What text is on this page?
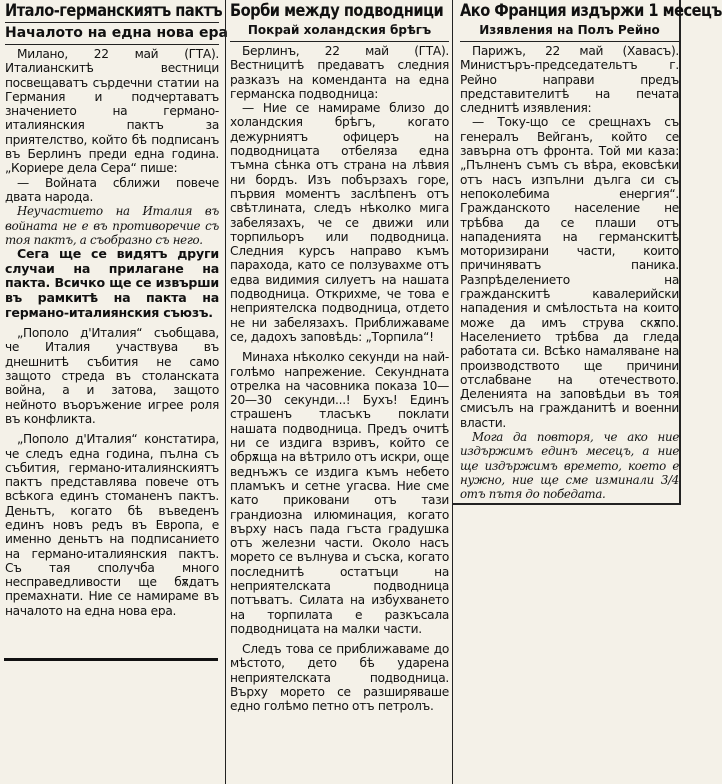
Итало-германскиятъ пактъ
Началото на една нова ера

Милано, 22 май (ГТА). Италианскитѣ вестници посвещаватъ сърдечни статии на Германия и подчертаватъ значението на германо-италиянския пактъ за приятелство, който бѣ подписанъ въ Берлинъ преди една година. „Кориере дела Сера“ пише:

— Войната сближи повече двата народа.

Неучастието на Италия въ войната не е въ противоречие съ тоя пактъ, а съобразно съ него.

Сега ще се видятъ други случаи на прилагане на пакта. Всичко ще се извърши въ рамкитѣ на пакта на германо-италиянския съюзъ.

„Пополо д'Италия“ съобщава, че Италия участвува въ днешнитѣ събития не само защото стреда въ столанската война, а и затова, защото нейното въоръжение игрее роля въ конфликта.

„Пополо д'Италия“ констатира, че следъ една година, пълна съ събития, германо-италиянскиятъ пактъ представлява повече отъ всѣкога единъ стоманенъ пактъ. Деньтъ, когато бѣ въведенъ единъ новъ редъ въ Европа, е именно деньтъ на подписанието на германо-италиянския пактъ. Съ тая сполучба много несправедливости ще бѫдатъ премахнати. Ние се намираме въ началото на една нова ера.

Борби между подводници
Покрай холандския брѣгъ

Берлинъ, 22 май (ГТА). Вестницитѣ предаватъ следния разказъ на коменданта на една германска подводница:

— Ние се намираме близо до холандския брѣгъ, когато дежурниятъ офицеръ на подводницата отбеляза една тъмна сѣнка отъ страна на лѣвия ни бордъ. Изъ побързахъ горе, първия моментъ заслѣпенъ отъ свѣтлината, следъ нѣколко мига забелязахъ, че се движи или торпильоръ или подводница. Следния курсъ направо къмъ парахода, като се ползувахме отъ едва видимия силуетъ на нашата подводница. Открихме, че това е неприятелска подводница, отдето не ни забелязахъ. Приближаваме се, дадохъ заповѣдь: „Торпила“!

Минаха нѣколко секунди на най-голѣмо напрежение. Секундната отрелка на часовника показа 10—20—30 секунди...! Бухъ! Единъ страшенъ тласъкъ поклати нашата подводница. Предъ очитѣ ни се издига взривъ, който се обрѫща на вѣтрило отъ искри, още веднъжъ се издига къмъ небето пламъкъ и сетне угасва. Ние сме като приковани отъ тази грандиозна илюминация, когато върху насъ пада гъста градушка отъ железни части. Около насъ морето се вълнува и съска, когато последнитѣ остатъци на неприятелската подводница потъватъ. Силата на избухването на торпилата е разкъсала подводницата на малки части.

Следъ това се приближаваме до мѣстото, дето бѣ ударена неприятелската подводница. Върху морето се разширяваше едно голѣмо петно отъ петролъ.

Ако Франция издържи 1 месецъ
Изявления на Полъ Рейно

Парижъ, 22 май (Хавасъ). Министъръ-председательтъ г. Рейно направи предъ представителитѣ на печата следнитѣ изявления:

— Току-що се срещнахъ съ генералъ Вейганъ, който се завърна отъ фронта. Той ми каза: „Пълненъ съмъ съ вѣра, ековсѣки отъ насъ изпълни дълга си съ непоколебима енергия“. Гражданското население не трѣбва да се плаши отъ нападенията на германскитѣ моторизирани части, които причиняватъ паника. Разпрѣделението на гражданскитѣ кавалерийски нападения и смѣлостьта на които може да имъ струва скѫпо. Населението трѣбва да гледа работата си. Всѣко намаляване на производството ще причини отслабване на отечеството. Деленията на заповѣдьи въ тоя смисълъ на гражданитѣ и военни власти.

Мога да повторя, че ако ние издържимъ единъ месецъ, а ние ще издържимъ времето, което е нужно, ние ще сме изминали 3/4 отъ пътя до победата.
